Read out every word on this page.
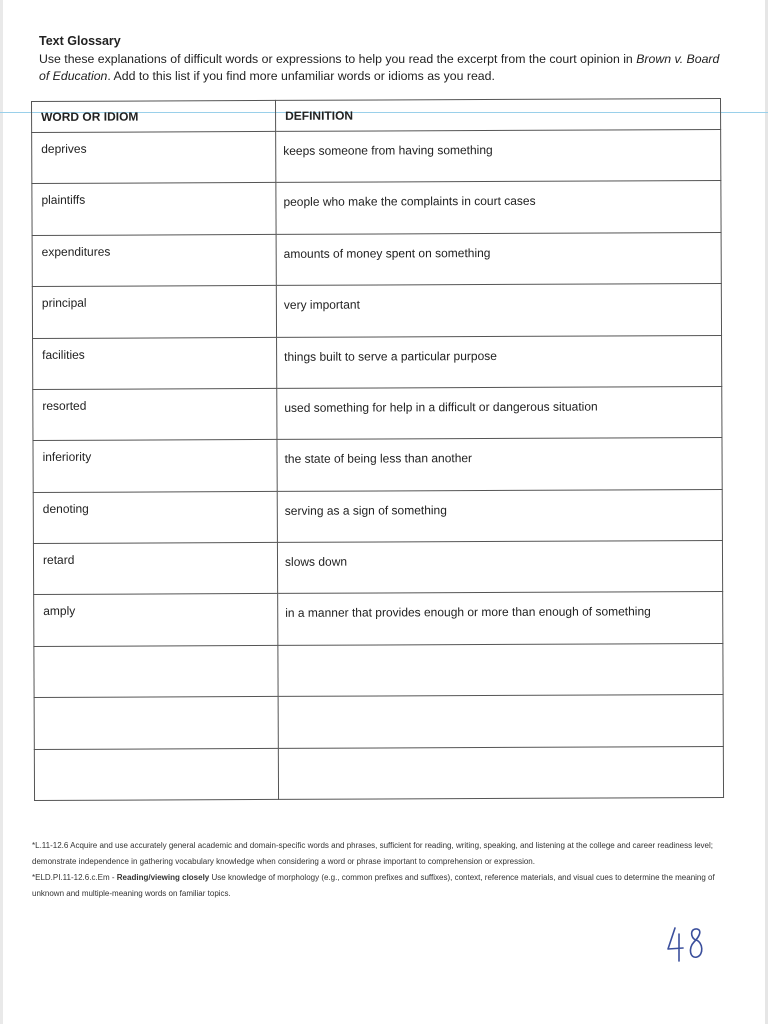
Text Glossary
Use these explanations of difficult words or expressions to help you read the excerpt from the court opinion in Brown v. Board of Education. Add to this list if you find more unfamiliar words or idioms as you read.
WORD OR IDIOM	DEFINITION

deprives	keeps someone from having something

plaintiffs	people who make the complaints in court cases

expenditures	amounts of money spent on something

principal	very important

facilities	things built to serve a particular purpose

resorted	used something for help in a difficult or dangerous situation

inferiority	the state of being less than another

denoting	serving as a sign of something

retard	slows down

amply	in a manner that provides enough or more than enough of something

*L.11-12.6 Acquire and use accurately general academic and domain-specific words and phrases, sufficient for reading, writing, speaking, and listening at the college and career readiness level; demonstrate independence in gathering vocabulary knowledge when considering a word or phrase important to comprehension or expression.
*ELD.PI.11-12.6.c.Em - Reading/viewing closely Use knowledge of morphology (e.g., common prefixes and suffixes), context, reference materials, and visual cues to determine the meaning of unknown and multiple-meaning words on familiar topics.
